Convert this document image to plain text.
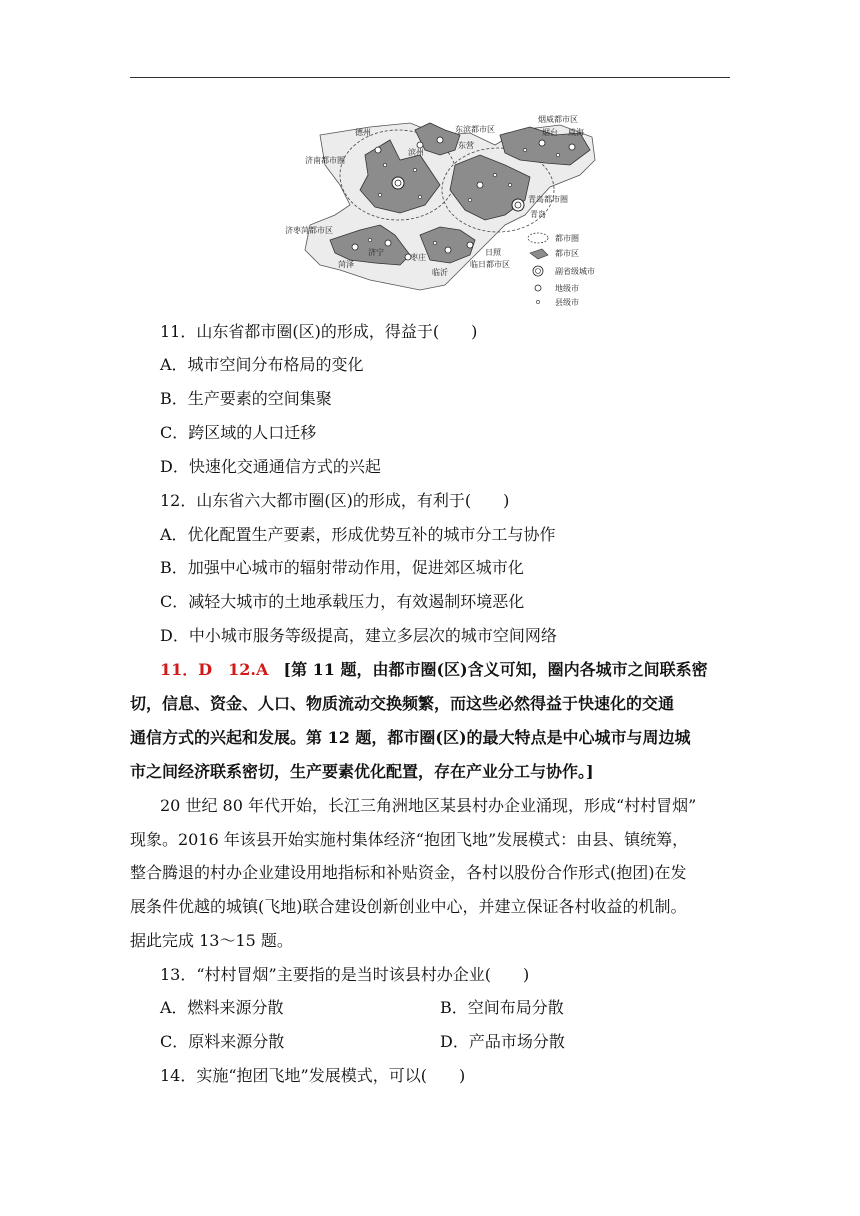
德州
济南都市圈
滨州
东滨都市区
东营
烟威都市区
烟台 威海
青岛都市圈
青岛
济枣菏都市区
菏泽
济宁
枣庄
临沂
日照
临日都市区
都市圈
都市区
副省级城市
地级市
县级市
11．山东省都市圈(区)的形成，得益于(　　)
A．城市空间分布格局的变化
B．生产要素的空间集聚
C．跨区域的人口迁移
D．快速化交通通信方式的兴起
12．山东省六大都市圈(区)的形成，有利于(　　)
A．优化配置生产要素，形成优势互补的城市分工与协作
B．加强中心城市的辐射带动作用，促进郊区城市化
C．减轻大城市的土地承载压力，有效遏制环境恶化
D．中小城市服务等级提高，建立多层次的城市空间网络
11．D　12.A [第 11 题，由都市圈(区)含义可知，圈内各城市之间联系密
切，信息、资金、人口、物质流动交换频繁，而这些必然得益于快速化的交通
通信方式的兴起和发展。第 12 题，都市圈(区)的最大特点是中心城市与周边城
市之间经济联系密切，生产要素优化配置，存在产业分工与协作。]
20 世纪 80 年代开始，长江三角洲地区某县村办企业涌现，形成“村村冒烟”
现象。2016 年该县开始实施村集体经济“抱团飞地”发展模式：由县、镇统筹，
整合腾退的村办企业建设用地指标和补贴资金，各村以股份合作形式(抱团)在发
展条件优越的城镇(飞地)联合建设创新创业中心，并建立保证各村收益的机制。
据此完成 13～15 题。
13．“村村冒烟”主要指的是当时该县村办企业(　　)
A．燃料来源分散	B．空间布局分散
C．原料来源分散	D．产品市场分散
14．实施“抱团飞地”发展模式，可以(　　)
